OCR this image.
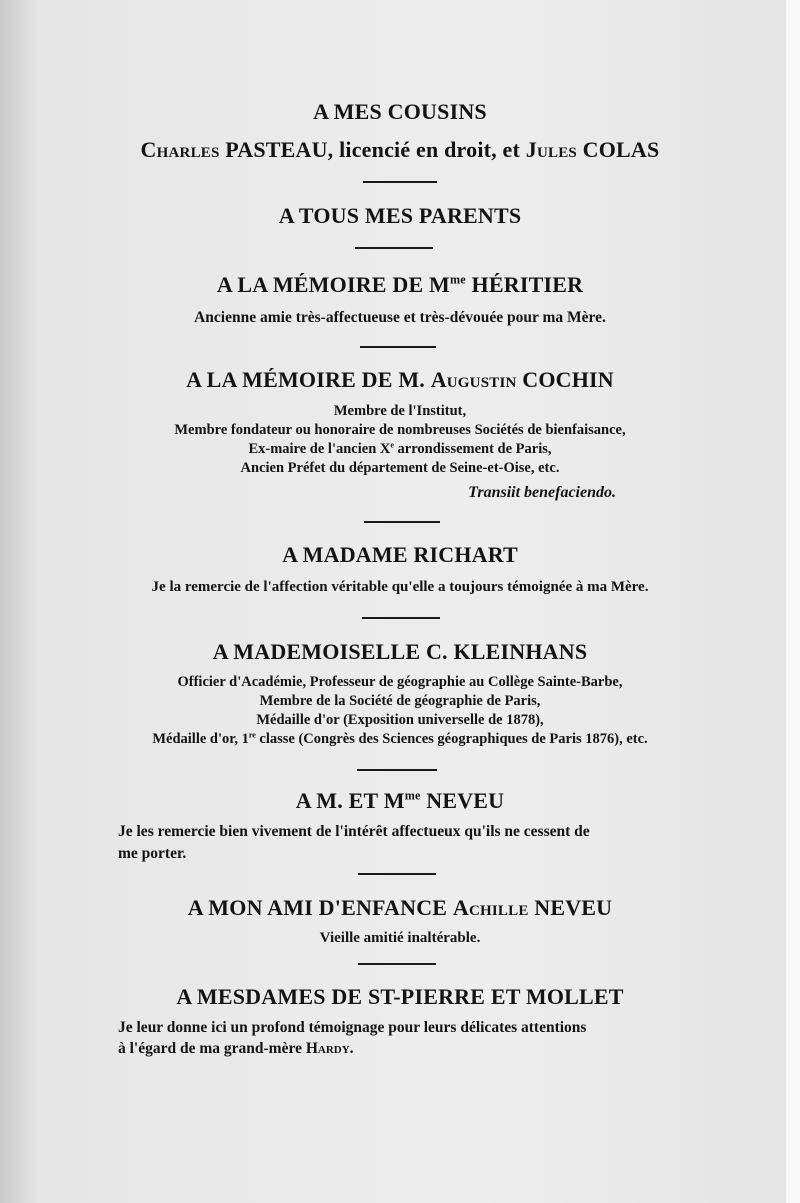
A MES COUSINS
Charles PASTEAU, licencié en droit, et Jules COLAS
A TOUS MES PARENTS
A LA MÉMOIRE DE $M^{me}$ HÉRITIER
Ancienne amie très-affectueuse et très-dévouée pour ma Mère.
A LA MÉMOIRE DE M. Augustin COCHIN
Membre de l'Institut,
Membre fondateur ou honoraire de nombreuses Sociétés de bienfaisance,
Ex-maire de l'ancien Xe arrondissement de Paris,
Ancien Préfet du département de Seine-et-Oise, etc.
Transiit benefaciendo.
A MADAME RICHART
Je la remercie de l'affection véritable qu'elle a toujours témoignée à ma Mère.
A MADEMOISELLE C. KLEINHANS
Officier d'Académie, Professeur de géographie au Collège Sainte-Barbe,
Membre de la Société de géographie de Paris,
Médaille d'or (Exposition universelle de 1878),
Médaille d'or, 1re classe (Congrès des Sciences géographiques de Paris 1876), etc.
A M. ET $M^{me}$ NEVEU
Je les remercie bien vivement de l'intérêt affectueux qu'ils ne cessent de
me porter.
A MON AMI D'ENFANCE Achille NEVEU
Vieille amitié inaltérable.
A MESDAMES DE ST-PIERRE ET MOLLET
Je leur donne ici un profond témoignage pour leurs délicates attentions
à l'égard de ma grand-mère Hardy.
